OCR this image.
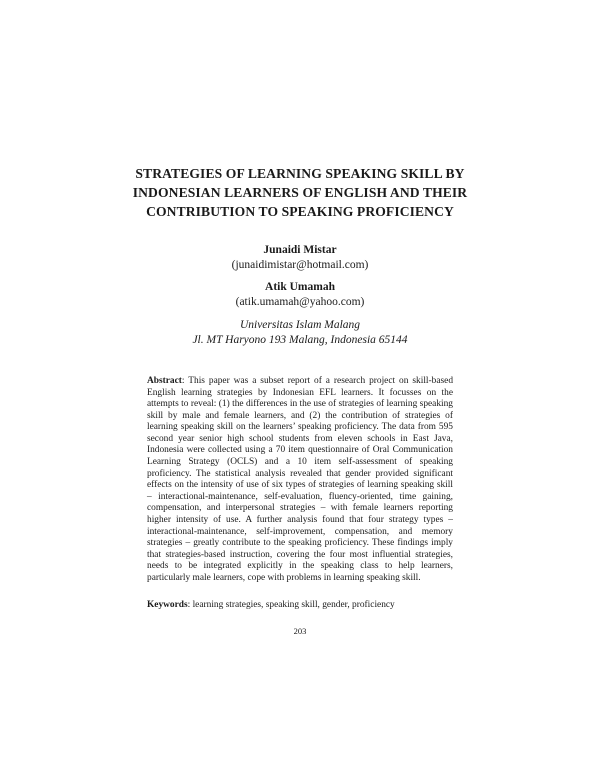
STRATEGIES OF LEARNING SPEAKING SKILL BY
INDONESIAN LEARNERS OF ENGLISH AND THEIR
CONTRIBUTION TO SPEAKING PROFICIENCY
Junaidi Mistar
(junaidimistar@hotmail.com)
Atik Umamah
(atik.umamah@yahoo.com)
Universitas Islam Malang
Jl. MT Haryono 193 Malang, Indonesia 65144

Abstract: This paper was a subset report of a research project on skill-based English learning strategies by Indonesian EFL learners. It focusses on the attempts to reveal: (1) the differences in the use of strategies of learning speaking skill by male and female learners, and (2) the contribution of strategies of learning speaking skill on the learners’ speaking proficiency. The data from 595 second year senior high school students from eleven schools in East Java, Indonesia were collected using a 70 item questionnaire of Oral Communication Learning Strategy (OCLS) and a 10 item self-assessment of speaking proficiency. The statistical analysis revealed that gender provided significant effects on the intensity of use of six types of strategies of learning speaking skill – interactional-maintenance, self-evaluation, fluency-oriented, time gaining, compensation, and interpersonal strategies – with female learners reporting higher intensity of use. A further analysis found that four strategy types – interactional-maintenance, self-improvement, compensation, and memory strategies – greatly contribute to the speaking proficiency. These findings imply that strategies-based instruction, covering the four most influential strategies, needs to be integrated explicitly in the speaking class to help learners, particularly male learners, cope with problems in learning speaking skill.

Keywords: learning strategies, speaking skill, gender, proficiency

203
